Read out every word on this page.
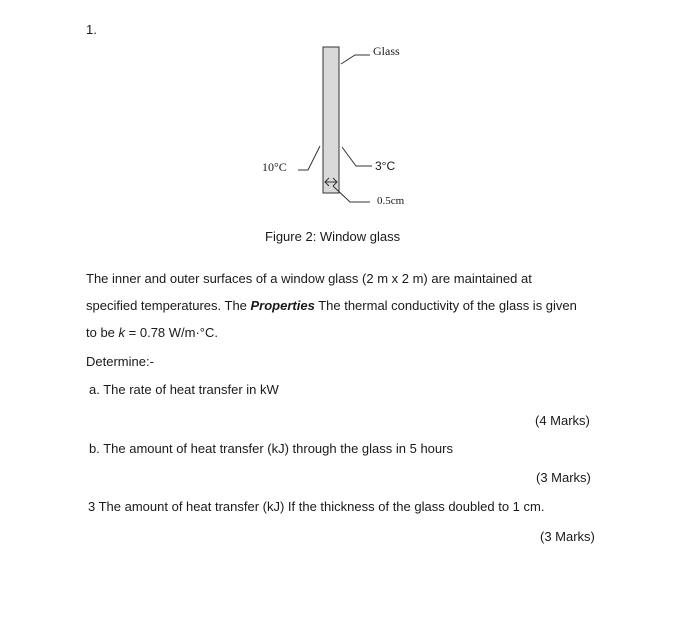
1.
Glass
10°C	3°C
0.5cm
Figure 2: Window glass
The inner and outer surfaces of a window glass (2 m x 2 m) are maintained at
specified temperatures. The Properties The thermal conductivity of the glass is given
to be k = 0.78 W/m·°C.
Determine:-
a. The rate of heat transfer in kW
(4 Marks)
b. The amount of heat transfer (kJ) through the glass in 5 hours
(3 Marks)
3 The amount of heat transfer (kJ) If the thickness of the glass doubled to 1 cm.
(3 Marks)
